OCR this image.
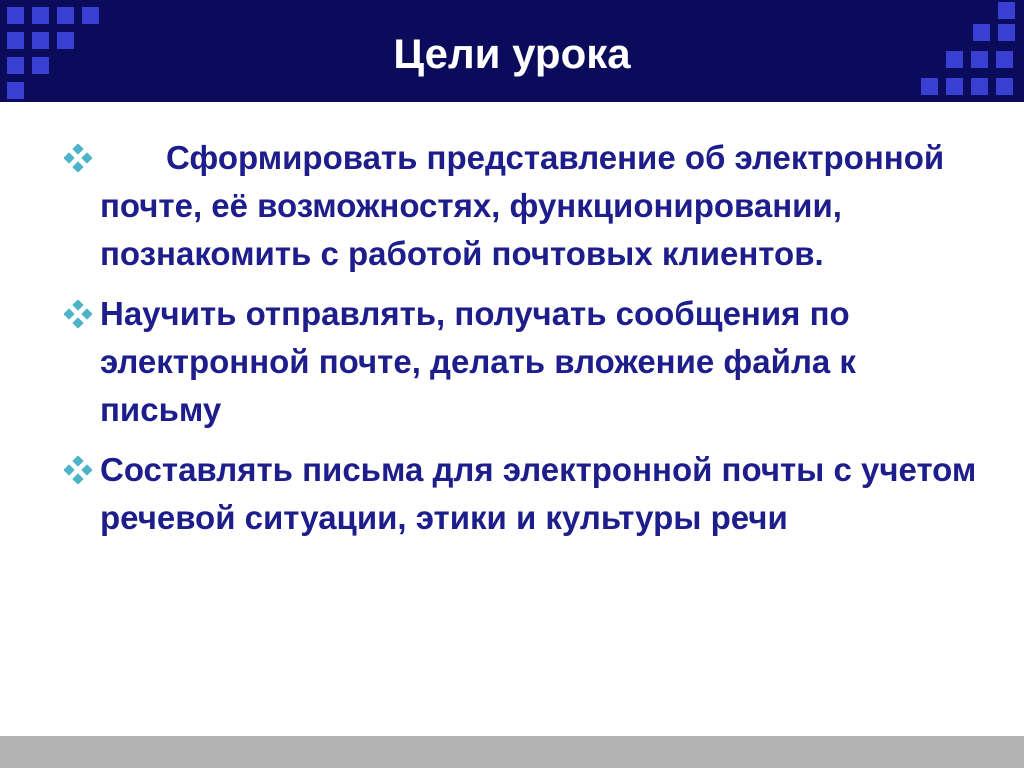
Цели урока
Сформировать представление об электронной почте, её возможностях, функционировании, познакомить с работой почтовых клиентов.
Научить отправлять, получать сообщения по электронной почте, делать вложение файла к письму
Составлять письма для электронной почты с учетом речевой ситуации, этики и культуры речи
